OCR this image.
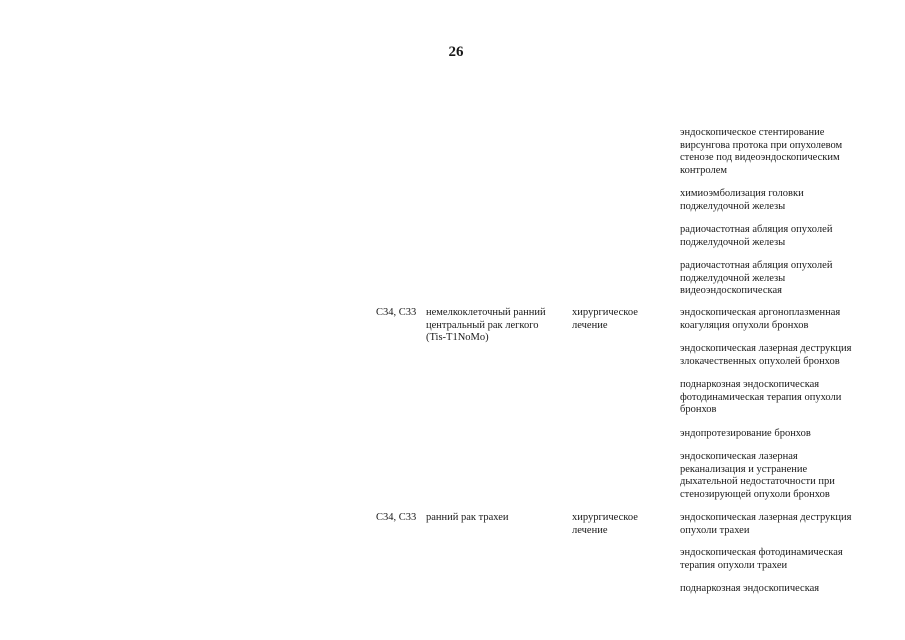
26
эндоскопическое стентирование
вирсунгова протока при опухолевом
стенозе под видеоэндоскопическим
контролем
химиоэмболизация головки
поджелудочной железы
радиочастотная абляция опухолей
поджелудочной железы
радиочастотная абляция опухолей
поджелудочной железы
видеоэндоскопическая
C34, C33 немелкоклеточный ранний
центральный рак легкого
(Tis-T1NoMo)
хирургическое
лечение
эндоскопическая аргоноплазменная
коагуляция опухоли бронхов
эндоскопическая лазерная деструкция
злокачественных опухолей бронхов
поднаркозная эндоскопическая
фотодинамическая терапия опухоли
бронхов
эндопротезирование бронхов
эндоскопическая лазерная
реканализация и устранение
дыхательной недостаточности при
стенозирующей опухоли бронхов
C34, C33 ранний рак трахеи	хирургическое
лечение
эндоскопическая лазерная деструкция
опухоли трахеи
эндоскопическая фотодинамическая
терапия опухоли трахеи
поднаркозная эндоскопическая
